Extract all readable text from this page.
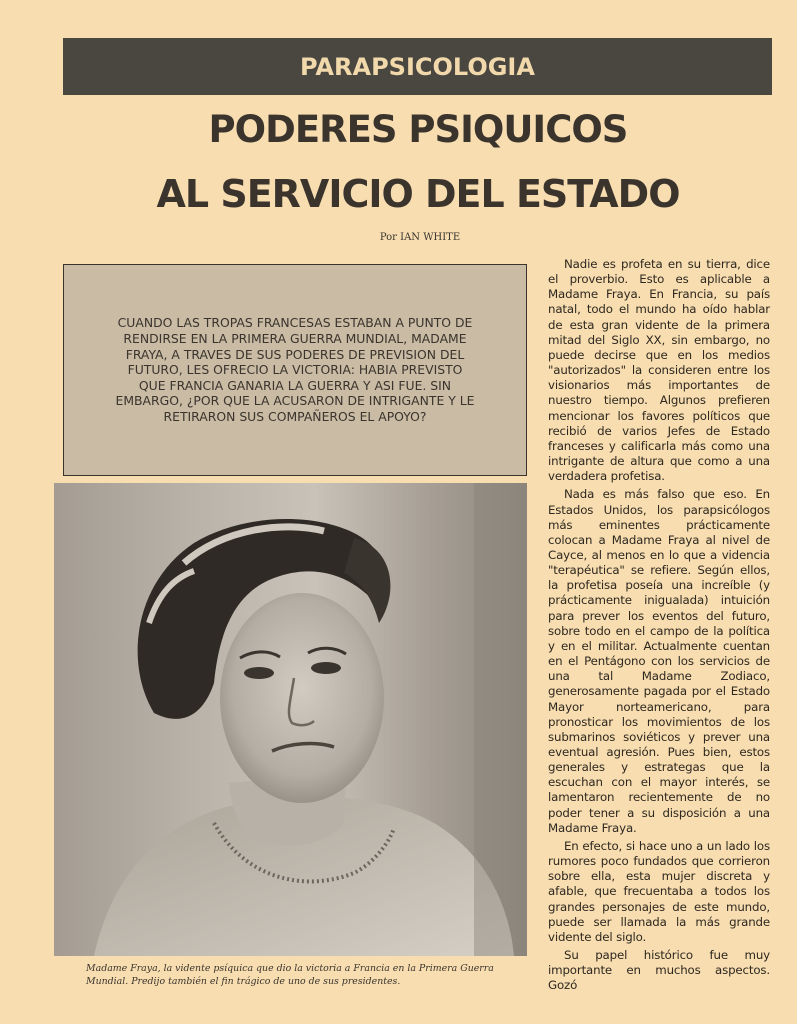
PARAPSICOLOGIA
PODERES PSIQUICOS
AL SERVICIO DEL ESTADO
Por IAN WHITE

CUANDO LAS TROPAS FRANCESAS ESTABAN A PUNTO DE RENDIRSE EN LA PRIMERA GUERRA MUNDIAL, MADAME FRAYA, A TRAVES DE SUS PODERES DE PREVISION DEL FUTURO, LES OFRECIO LA VICTORIA: HABIA PREVISTO QUE FRANCIA GANARIA LA GUERRA Y ASI FUE. SIN EMBARGO, ¿POR QUE LA ACUSARON DE INTRIGANTE Y LE RETIRARON SUS COMPAÑEROS EL APOYO?

Madame Fraya, la vidente psíquica que dio la victoria a Francia en la Primera Guerra Mundial. Predijo también el fin trágico de uno de sus presidentes.

Nadie es profeta en su tierra, dice el proverbio. Esto es aplicable a Madame Fraya. En Francia, su país natal, todo el mundo ha oído hablar de esta gran vidente de la primera mitad del Siglo XX, sin embargo, no puede decirse que en los medios "autorizados" la consideren entre los visionarios más importantes de nuestro tiempo. Algunos prefieren mencionar los favores políticos que recibió de varios Jefes de Estado franceses y calificarla más como una intrigante de altura que como a una verdadera profetisa.

Nada es más falso que eso. En Estados Unidos, los parapsicólogos más eminentes prácticamente colocan a Madame Fraya al nivel de Cayce, al menos en lo que a videncia "terapéutica" se refiere. Según ellos, la profetisa poseía una increíble (y prácticamente inigualada) intuición para prever los eventos del futuro, sobre todo en el campo de la política y en el militar. Actualmente cuentan en el Pentágono con los servicios de una tal Madame Zodiaco, generosamente pagada por el Estado Mayor norteamericano, para pronosticar los movimientos de los submarinos soviéticos y prever una eventual agresión. Pues bien, estos generales y estrategas que la escuchan con el mayor interés, se lamentaron recientemente de no poder tener a su disposición a una Madame Fraya.

En efecto, si hace uno a un lado los rumores poco fundados que corrieron sobre ella, esta mujer discreta y afable, que frecuentaba a todos los grandes personajes de este mundo, puede ser llamada la más grande vidente del siglo.

Su papel histórico fue muy importante en muchos aspectos. Gozó
